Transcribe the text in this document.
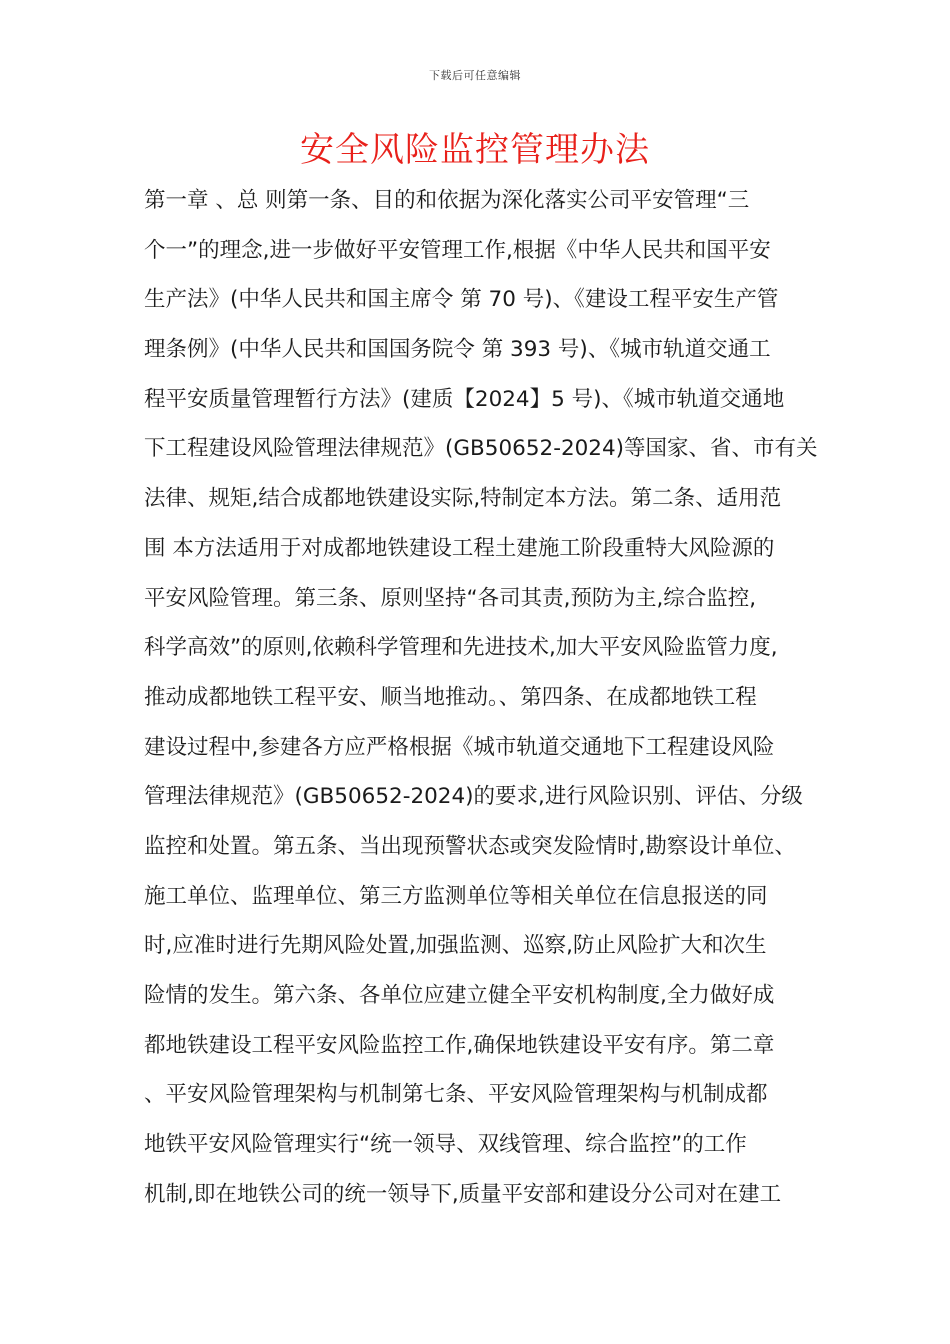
下载后可任意编辑
安全风险监控管理办法
第一章 、总 则第一条、目的和依据为深化落实公司平安管理“三
个一”的理念,进一步做好平安管理工作,根据《中华人民共和国平安
生产法》(中华人民共和国主席令 第 70 号)、《建设工程平安生产管
理条例》(中华人民共和国国务院令 第 393 号)、《城市轨道交通工
程平安质量管理暂行方法》(建质【2024】5 号)、《城市轨道交通地
下工程建设风险管理法律规范》(GB50652-2024)等国家、省、市有关
法律、规矩,结合成都地铁建设实际,特制定本方法。第二条、适用范
围 本方法适用于对成都地铁建设工程土建施工阶段重特大风险源的
平安风险管理。第三条、原则坚持“各司其责,预防为主,综合监控,
科学高效”的原则,依赖科学管理和先进技术,加大平安风险监管力度,
推动成都地铁工程平安、顺当地推动。、第四条、在成都地铁工程
建设过程中,参建各方应严格根据《城市轨道交通地下工程建设风险
管理法律规范》(GB50652-2024)的要求,进行风险识别、评估、分级
监控和处置。第五条、当出现预警状态或突发险情时,勘察设计单位、
施工单位、监理单位、第三方监测单位等相关单位在信息报送的同
时,应准时进行先期风险处置,加强监测、巡察,防止风险扩大和次生
险情的发生。第六条、各单位应建立健全平安机构制度,全力做好成
都地铁建设工程平安风险监控工作,确保地铁建设平安有序。第二章
、平安风险管理架构与机制第七条、平安风险管理架构与机制成都
地铁平安风险管理实行“统一领导、双线管理、综合监控”的工作
机制,即在地铁公司的统一领导下,质量平安部和建设分公司对在建工
